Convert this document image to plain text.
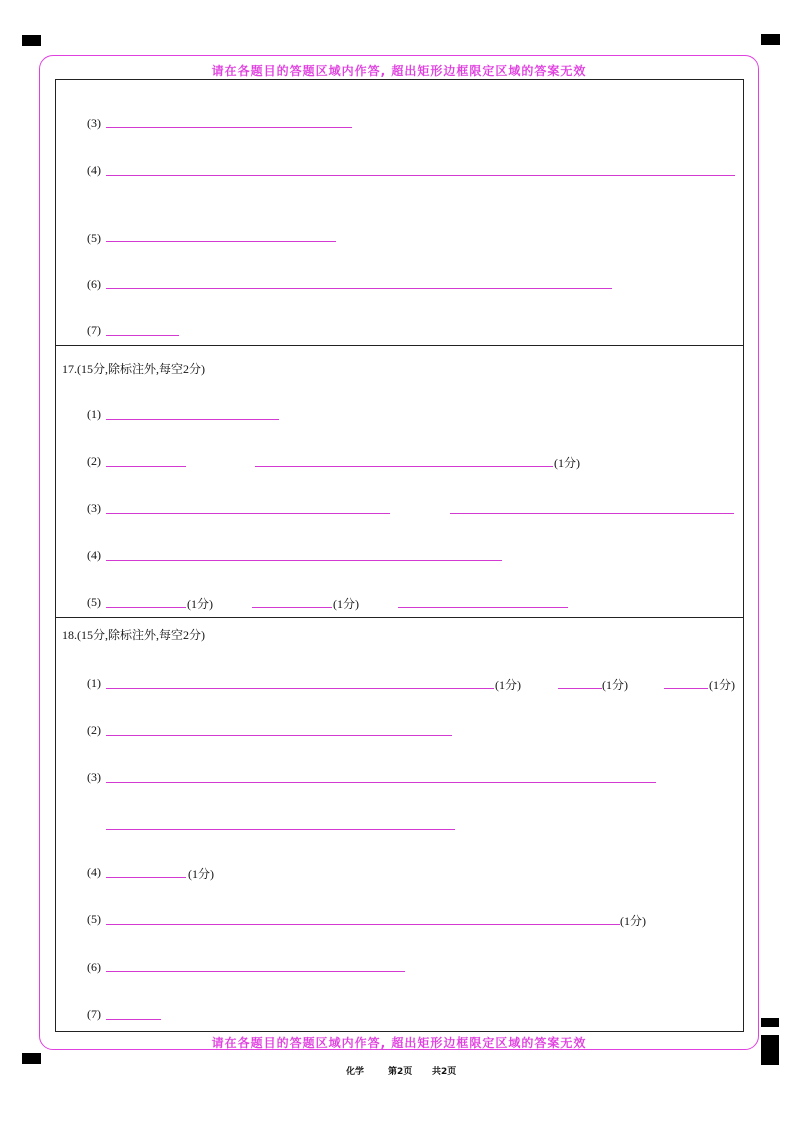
请在各题目的答题区域内作答, 超出矩形边框限定区域的答案无效
请在各题目的答题区域内作答, 超出矩形边框限定区域的答案无效
(3)
(4)
(5)
(6)
(7)
17.(15分,除标注外,每空2分)
(1)
(2)	(1分)
(3)
(4)
(5)	(1分)	(1分)
18.(15分,除标注外,每空2分)
(1)	(1分)	(1分)	(1分)
(2)
(3)
(4)	(1分)
(5)	(1分)
(6)
(7)
化学	第2页 共2页
